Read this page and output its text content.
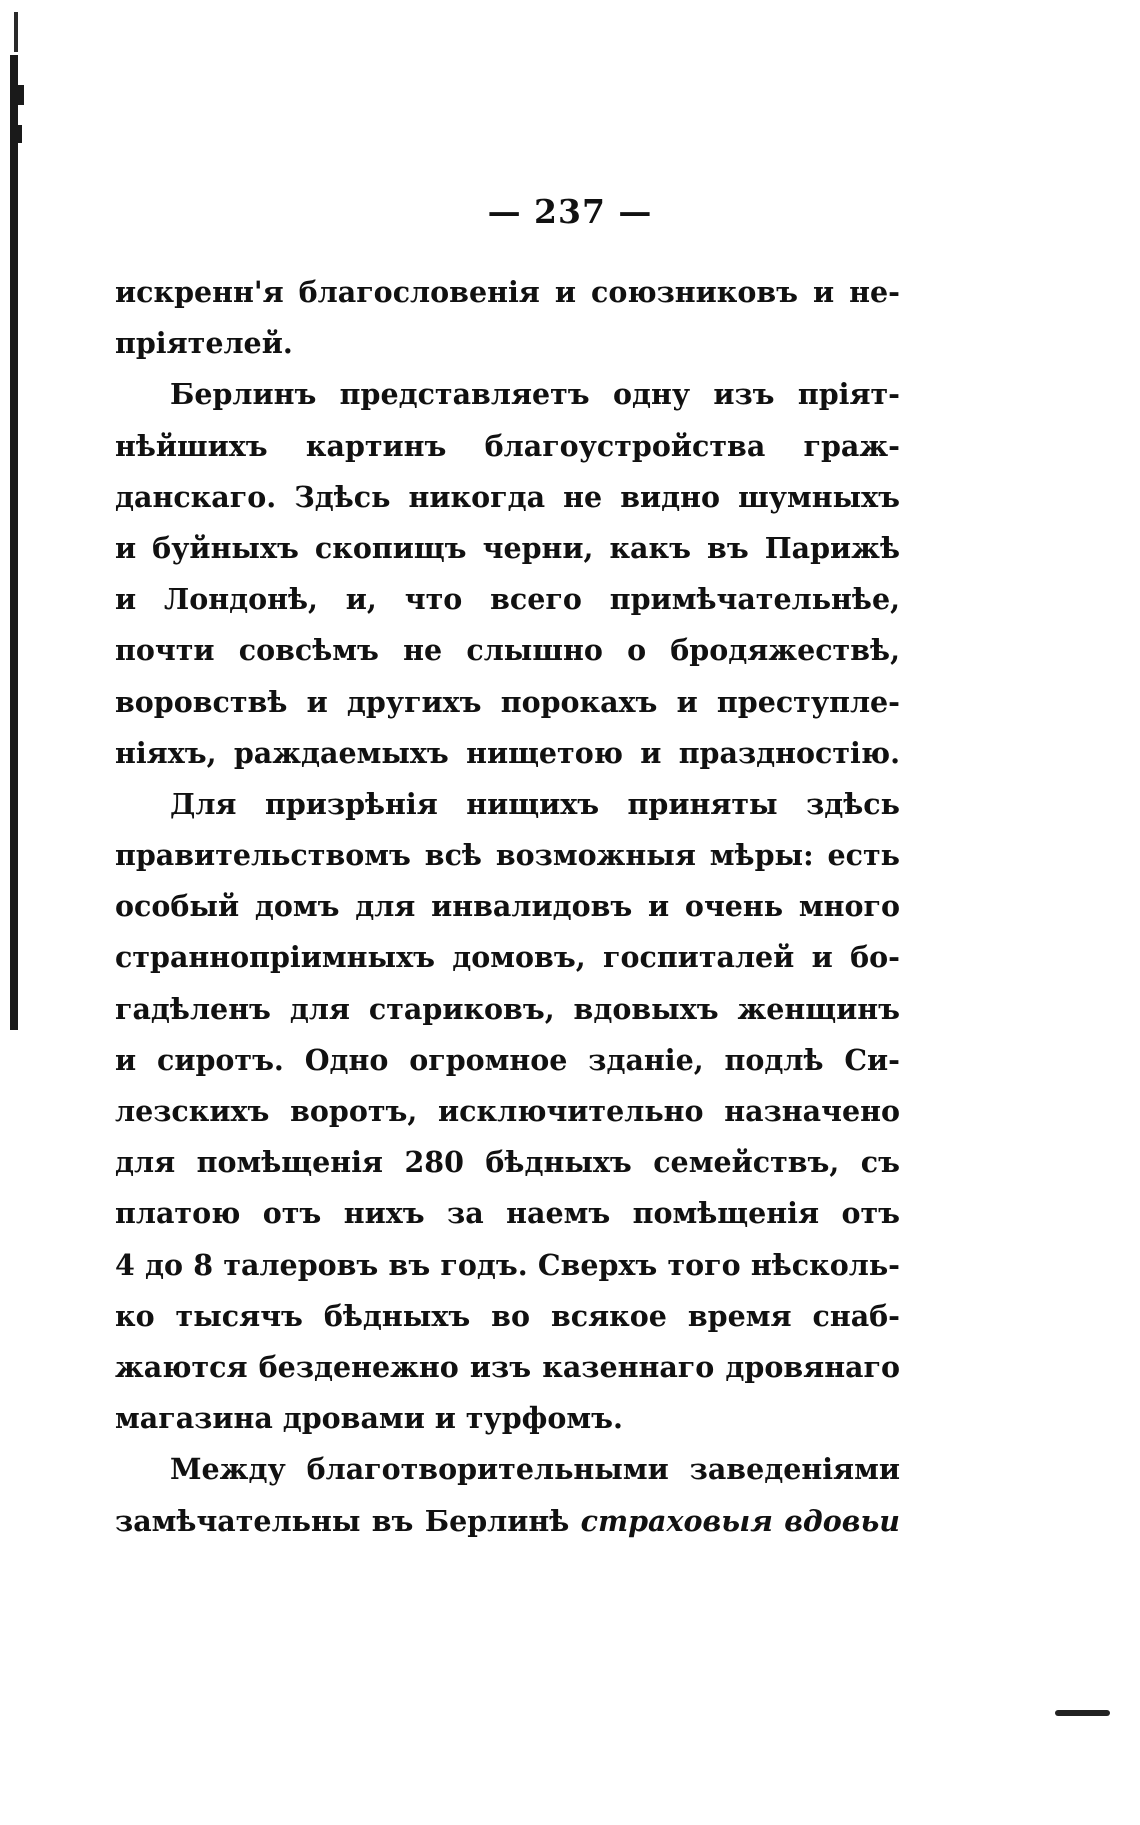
— 237 —
искренн'я благословенія и союзниковъ и не-
пріятелей.
Берлинъ представляетъ одну изъ пріят-
нѣйшихъ картинъ благоустройства граж-
данскаго. Здѣсь никогда не видно шумныхъ
и буйныхъ скопищъ черни, какъ въ Парижѣ
и Лондонѣ, и, что всего примѣчательнѣе,
почти совсѣмъ не слышно о бродяжествѣ,
воровствѣ и другихъ порокахъ и преступле-
ніяхъ, раждаемыхъ нищетою и праздностію.
Для призрѣнія нищихъ приняты здѣсь
правительствомъ всѣ возможныя мѣры: есть
особый домъ для инвалидовъ и очень много
страннопріимныхъ домовъ, госпиталей и бо-
гадѣленъ для стариковъ, вдовыхъ женщинъ
и сиротъ. Одно огромное зданіе, подлѣ Си-
лезскихъ воротъ, исключительно назначено
для помѣщенія 280 бѣдныхъ семействъ, съ
платою отъ нихъ за наемъ помѣщенія отъ
4 до 8 талеровъ въ годъ. Сверхъ того нѣсколь-
ко тысячъ бѣдныхъ во всякое время снаб-
жаются безденежно изъ казеннаго дровянаго
магазина дровами и турфомъ.
Между благотворительными заведеніями
замѣчательны въ Берлинѣ страховыя вдовьи
